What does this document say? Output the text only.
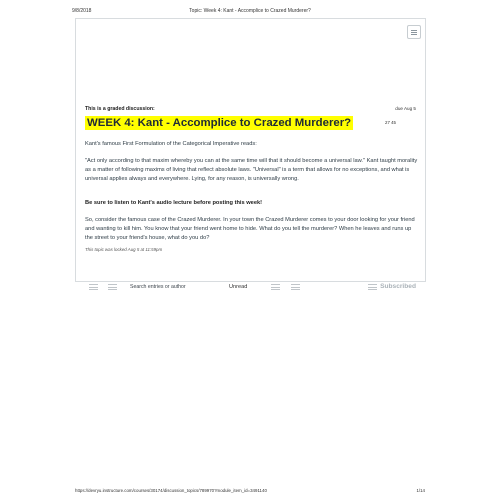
9/8/2018	Topic: Week 4: Kant - Accomplice to Crazed Murderer?
This is a graded discussion:	due Aug 5
WEEK 4: Kant - Accomplice to Crazed Murderer?	27 45

Kant's famous First Formulation of the Categorical Imperative reads:

"Act only according to that maxim whereby you can at the same time will that it should become a universal law." Kant taught morality as a matter of following maxims of living that reflect absolute laws. "Universal" is a term that allows for no exceptions, and what is universal applies always and everywhere. Lying, for any reason, is universally wrong.

Be sure to listen to Kant's audio lecture before posting this week!

So, consider the famous case of the Crazed Murderer. In your town the Crazed Murderer comes to your door looking for your friend and wanting to kill him. You know that your friend went home to hide. What do you tell the murderer? When he leaves and runs up the street to your friend's house, what do you do?

This topic was locked Aug 5 at 11:59pm
Search entries or author	Unread	Subscribed
https://devryu.instructure.com/courses/30174/discussion_topics/789970?module_item_id=3491140	1/14
